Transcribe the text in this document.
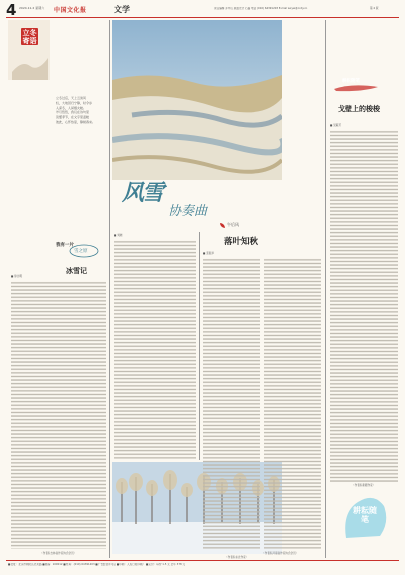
4 2024.11.2 星期六 中国文化报	文学	责任编辑 乔中山 版面设计 石磊 电话 (010) 64391203 E-mail wxyw@ccdy.cn	第 4 版
立冬寄语
立冬过后，天上云淡风
轻，大地回归宁静，时令步
入深冬，人间烟火暖。
岁月悠悠，我们在诗句里
读懂季节，在文字里温暖
彼此，心怀热爱，静候春来。
我有一片
雪之原
冰雪记
■ 徐达明
（作者系吉林省作家协会会员）
风雪
协奏曲
■ 刘晓
（作者系东北作家）
午后风
落叶知秋
■ 张振华
（作者系河南省作家协会会员）
耕耘随笔
戈壁上的梭梭
■ 吴毓芳
（作者系新疆作家）
耕耘随笔
■社址：北京市朝阳区北苑路 ■邮编：100012 ■传真：(010) 64391203 ■广告经营许可证 ■印刷：人民日报印刷厂 ■定价：每份 1.5 元 全年 378 元
